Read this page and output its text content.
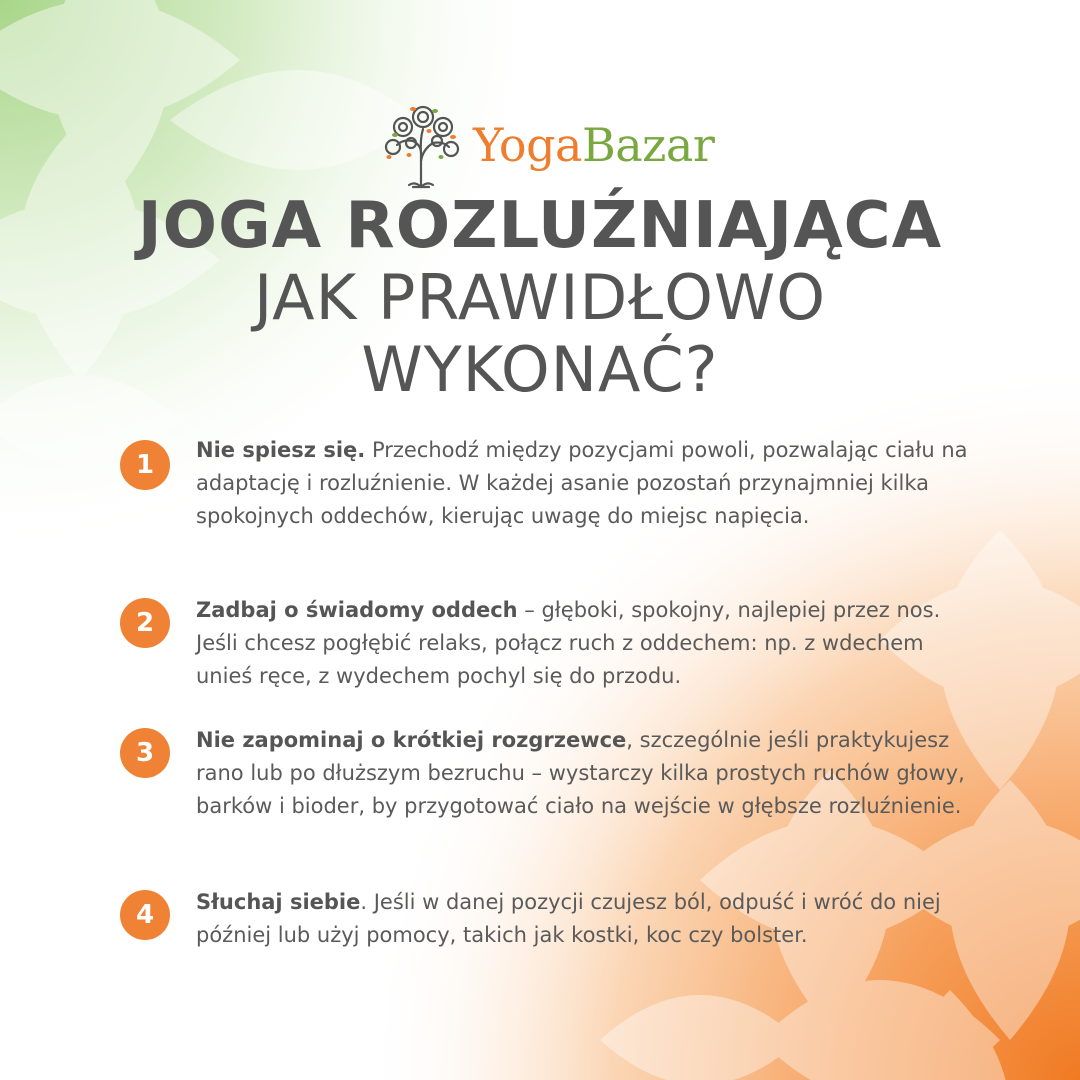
YogaBazar
JOGA ROZLUŹNIAJĄCA
JAK PRAWIDŁOWO
WYKONAĆ?
1	Nie spiesz się. Przechodź między pozycjami powoli, pozwalając ciału na adaptację i rozluźnienie. W każdej asanie pozostań przynajmniej kilka spokojnych oddechów, kierując uwagę do miejsc napięcia.
2	Zadbaj o świadomy oddech – głęboki, spokojny, najlepiej przez nos. Jeśli chcesz pogłębić relaks, połącz ruch z oddechem: np. z wdechem unieś ręce, z wydechem pochyl się do przodu.
3	Nie zapominaj o krótkiej rozgrzewce, szczególnie jeśli praktykujesz rano lub po dłuższym bezruchu – wystarczy kilka prostych ruchów głowy, barków i bioder, by przygotować ciało na wejście w głębsze rozluźnienie.
4	Słuchaj siebie. Jeśli w danej pozycji czujesz ból, odpuść i wróć do niej później lub użyj pomocy, takich jak kostki, koc czy bolster.
